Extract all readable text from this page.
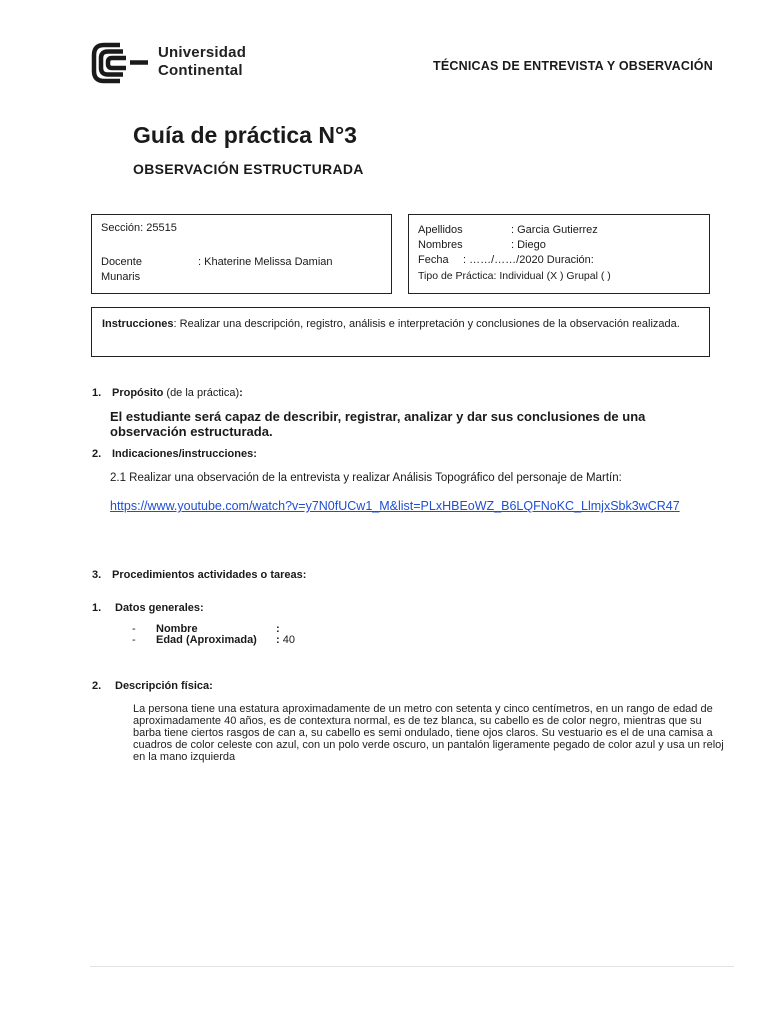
Universidad
Continental	TÉCNICAS DE ENTREVISTA Y OBSERVACIÓN
Guía de práctica N°3
OBSERVACIÓN ESTRUCTURADA
Sección: 25515
Docente	: Khaterine Melissa Damian
Munaris
Apellidos	: Garcia Gutierrez
Nombres	: Diego
Fecha : ……/……/2020 Duración:
Tipo de Práctica: Individual (X ) Grupal ( )
Instrucciones: Realizar una descripción, registro, análisis e interpretación y conclusiones de la observación realizada.
1. Propósito (de la práctica):
El estudiante será capaz de describir, registrar, analizar y dar sus conclusiones de una observación estructurada.
2. Indicaciones/instrucciones:
2.1 Realizar una observación de la entrevista y realizar Análisis Topográfico del personaje de Martín:
https://www.youtube.com/watch?v=y7N0fUCw1_M&list=PLxHBEoWZ_B6LQFNoKC_LlmjxSbk3wCR47
3. Procedimientos actividades o tareas:
1. Datos generales:
- Nombre	:
- Edad (Aproximada) : 40
2. Descripción física:
La persona tiene una estatura aproximadamente de un metro con setenta y cinco centímetros, en un rango de edad de aproximadamente 40 años, es de contextura normal, es de tez blanca, su cabello es de color negro, mientras que su barba tiene ciertos rasgos de can a, su cabello es semi ondulado, tiene ojos claros. Su vestuario es el de una camisa a cuadros de color celeste con azul, con un polo verde oscuro, un pantalón ligeramente pegado de color azul y usa un reloj en la mano izquierda
